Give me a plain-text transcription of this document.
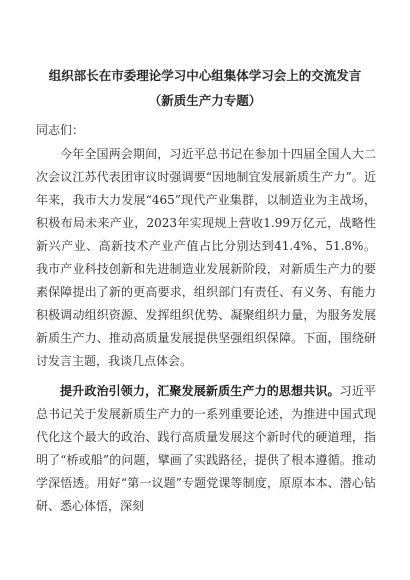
组织部长在市委理论学习中心组集体学习会上的交流发言
（新质生产力专题）
同志们：

今年全国两会期间，习近平总书记在参加十四届全国人大二次会议江苏代表团审议时强调要“因地制宜发展新质生产力”。近年来，我市大力发展“465”现代产业集群，以制造业为主战场，积极布局未来产业，2023年实现规上营收1.99万亿元，战略性新兴产业、高新技术产业产值占比分别达到41.4%、51.8%。我市产业科技创新和先进制造业发展新阶段，对新质生产力的要素保障提出了新的更高要求，组织部门有责任、有义务、有能力积极调动组织资源、发挥组织优势、凝聚组织力量，为服务发展新质生产力、推动高质量发展提供坚强组织保障。下面，围绕研讨发言主题，我谈几点体会。

提升政治引领力，汇聚发展新质生产力的思想共识。习近平总书记关于发展新质生产力的一系列重要论述，为推进中国式现代化这个最大的政治、践行高质量发展这个新时代的硬道理，指明了“桥或船”的问题，擘画了实践路径，提供了根本遵循。推动学深悟透。用好“第一议题”专题党课等制度，原原本本、潜心钻研、悉心体悟，深刻
